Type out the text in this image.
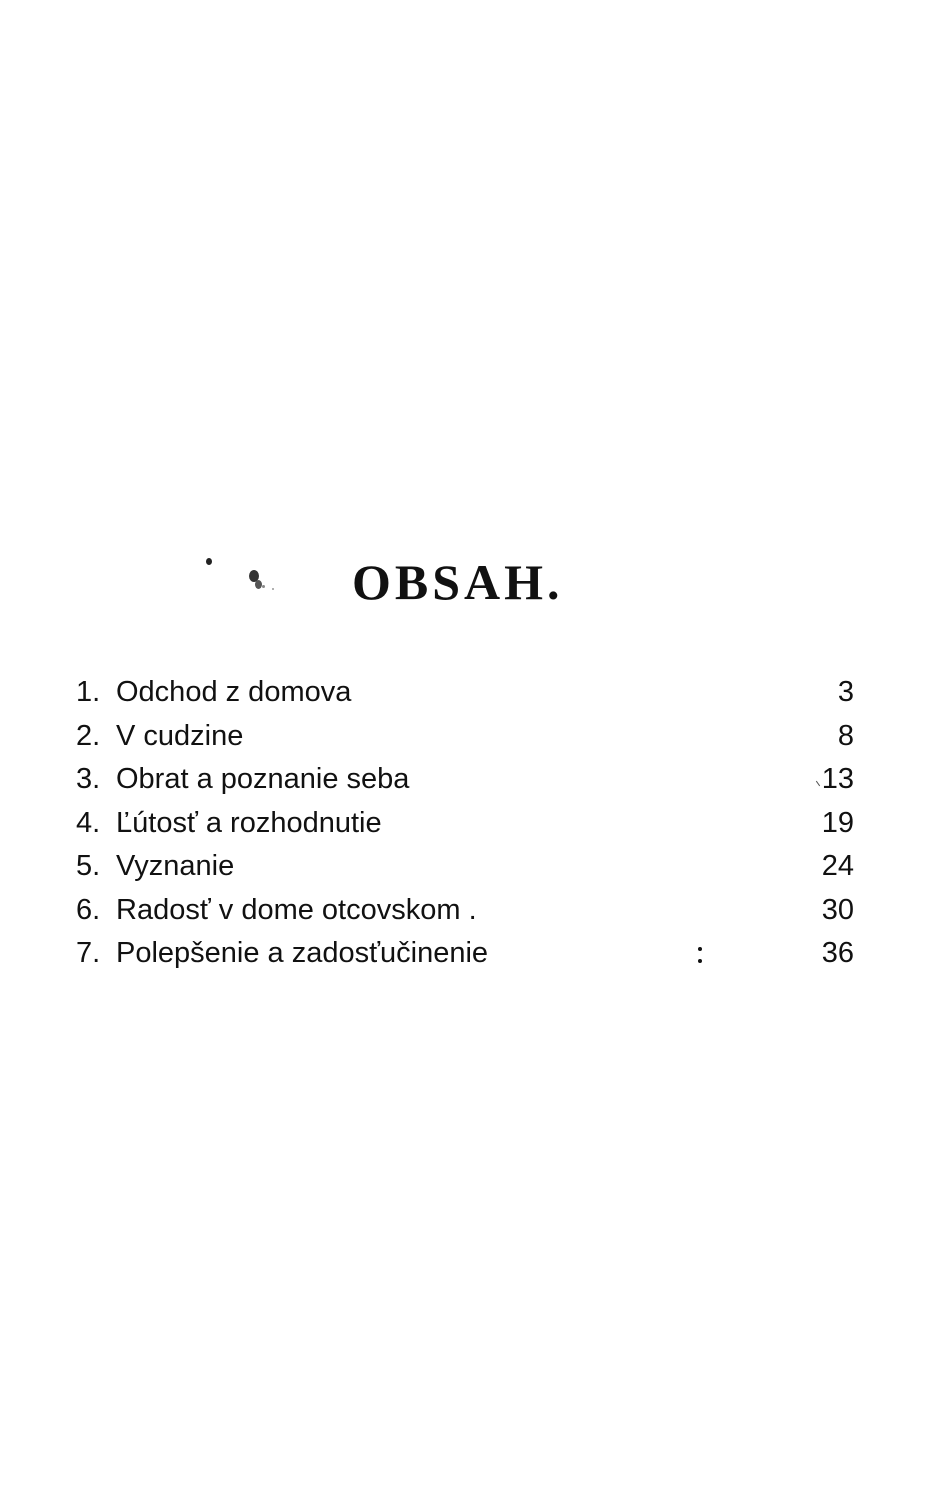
OBSAH.
1. Odchod z domova	3
2. V cudzine	8
3. Obrat a poznanie seba	13
4. Ľútosť a rozhodnutie	19
5. Vyznanie	24
6. Radosť v dome otcovskom .	30
7. Polepšenie a zadosťučinenie	36
